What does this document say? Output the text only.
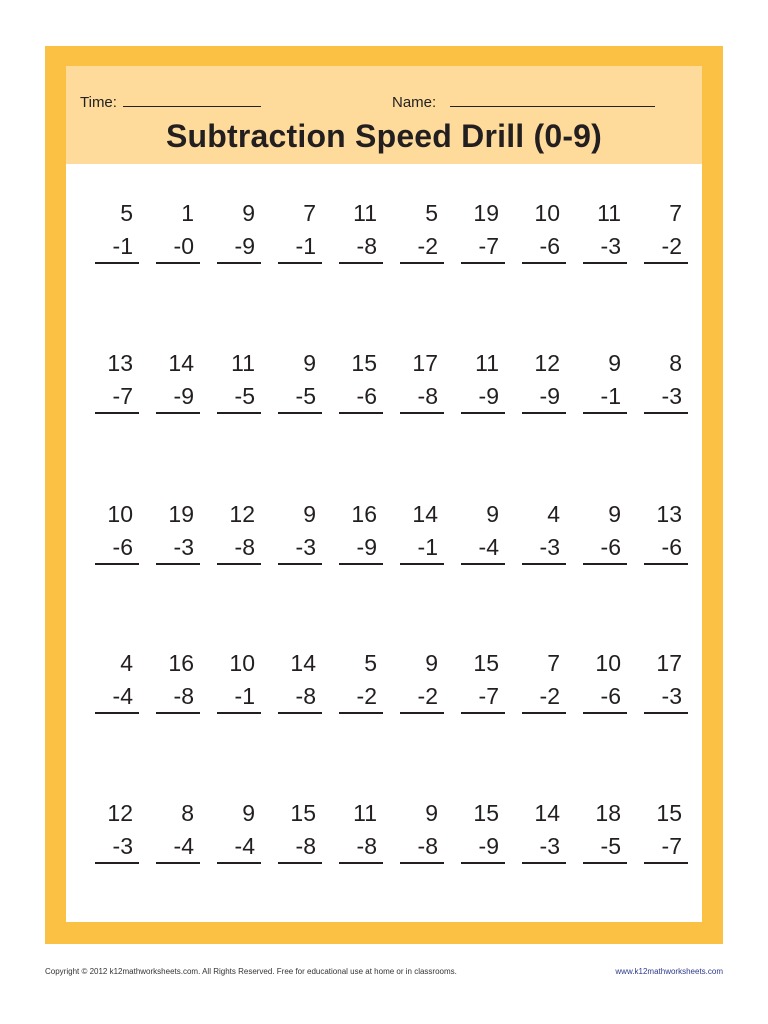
Time:	Name:
Subtraction Speed Drill (0-9)
5
-1
1
-0
9
-9
7
-1
11
-8
5
-2
19
-7
10
-6
11
-3
7
-2
13
-7
14
-9
11
-5
9
-5
15
-6
17
-8
11
-9
12
-9
9
-1
8
-3
10
-6
19
-3
12
-8
9
-3
16
-9
14
-1
9
-4
4
-3
9
-6
13
-6
4
-4
16
-8
10
-1
14
-8
5
-2
9
-2
15
-7
7
-2
10
-6
17
-3
12
-3
8
-4
9
-4
15
-8
11
-8
9
-8
15
-9
14
-3
18
-5
15
-7
Copyright © 2012 k12mathworksheets.com. All Rights Reserved. Free for educational use at home or in classrooms.	www.k12mathworksheets.com
